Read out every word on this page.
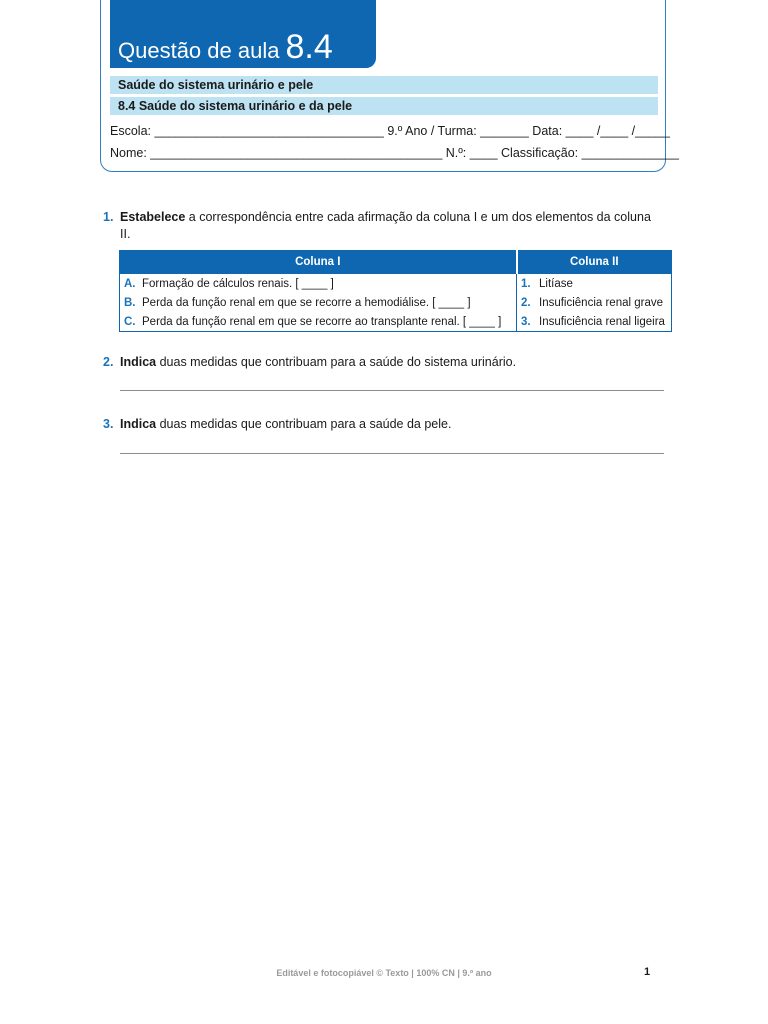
Questão de aula 8.4
Saúde do sistema urinário e pele
8.4 Saúde do sistema urinário e da pele
Escola: _________________________________ 9.º Ano / Turma: _______ Data: ____ /____ /_____
Nome: __________________________________________ N.º: ____ Classificação: ______________
1. Estabelece a correspondência entre cada afirmação da coluna I e um dos elementos da coluna
II.
Coluna I	Coluna II
A. Formação de cálculos renais. [ ____ ]	1. Litíase
B. Perda da função renal em que se recorre a hemodiálise. [ ____ ]	2. Insuficiência renal grave
C. Perda da função renal em que se recorre ao transplante renal. [ ____ ]	3. Insuficiência renal ligeira
2. Indica duas medidas que contribuam para a saúde do sistema urinário.
3. Indica duas medidas que contribuam para a saúde da pele.
Editável e fotocopiável © Texto | 100% CN | 9.º ano	1
